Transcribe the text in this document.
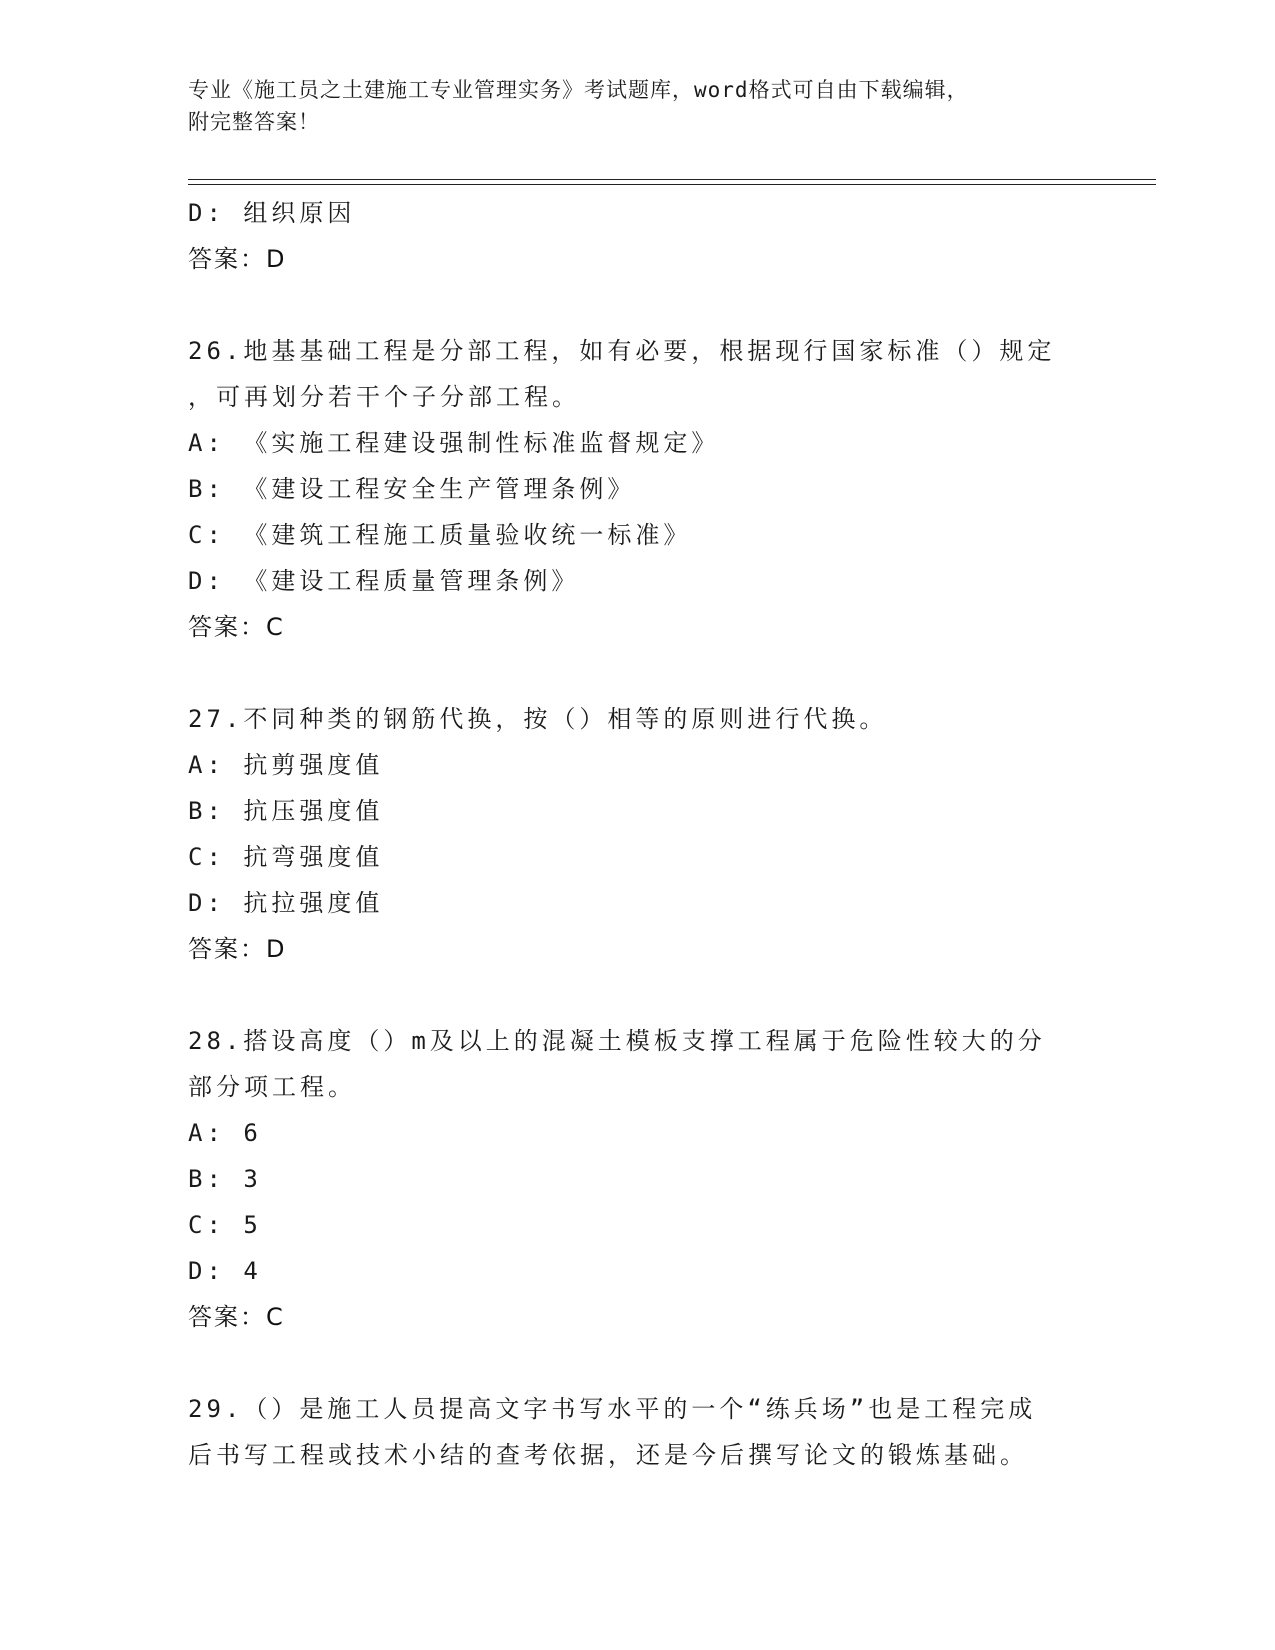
专业《施工员之土建施工专业管理实务》考试题库，word格式可自由下载编辑，
附完整答案！
D: 组织原因
答案：D
26.地基基础工程是分部工程，如有必要，根据现行国家标准（）规定
，可再划分若干个子分部工程。
A: 《实施工程建设强制性标准监督规定》
B: 《建设工程安全生产管理条例》
C: 《建筑工程施工质量验收统一标准》
D: 《建设工程质量管理条例》
答案：C
27.不同种类的钢筋代换，按（）相等的原则进行代换。
A: 抗剪强度值
B: 抗压强度值
C: 抗弯强度值
D: 抗拉强度值
答案：D
28.搭设高度（）m及以上的混凝土模板支撑工程属于危险性较大的分
部分项工程。
A: 6
B: 3
C: 5
D: 4
答案：C
29.（）是施工人员提高文字书写水平的一个“练兵场”也是工程完成
后书写工程或技术小结的查考依据，还是今后撰写论文的锻炼基础。
